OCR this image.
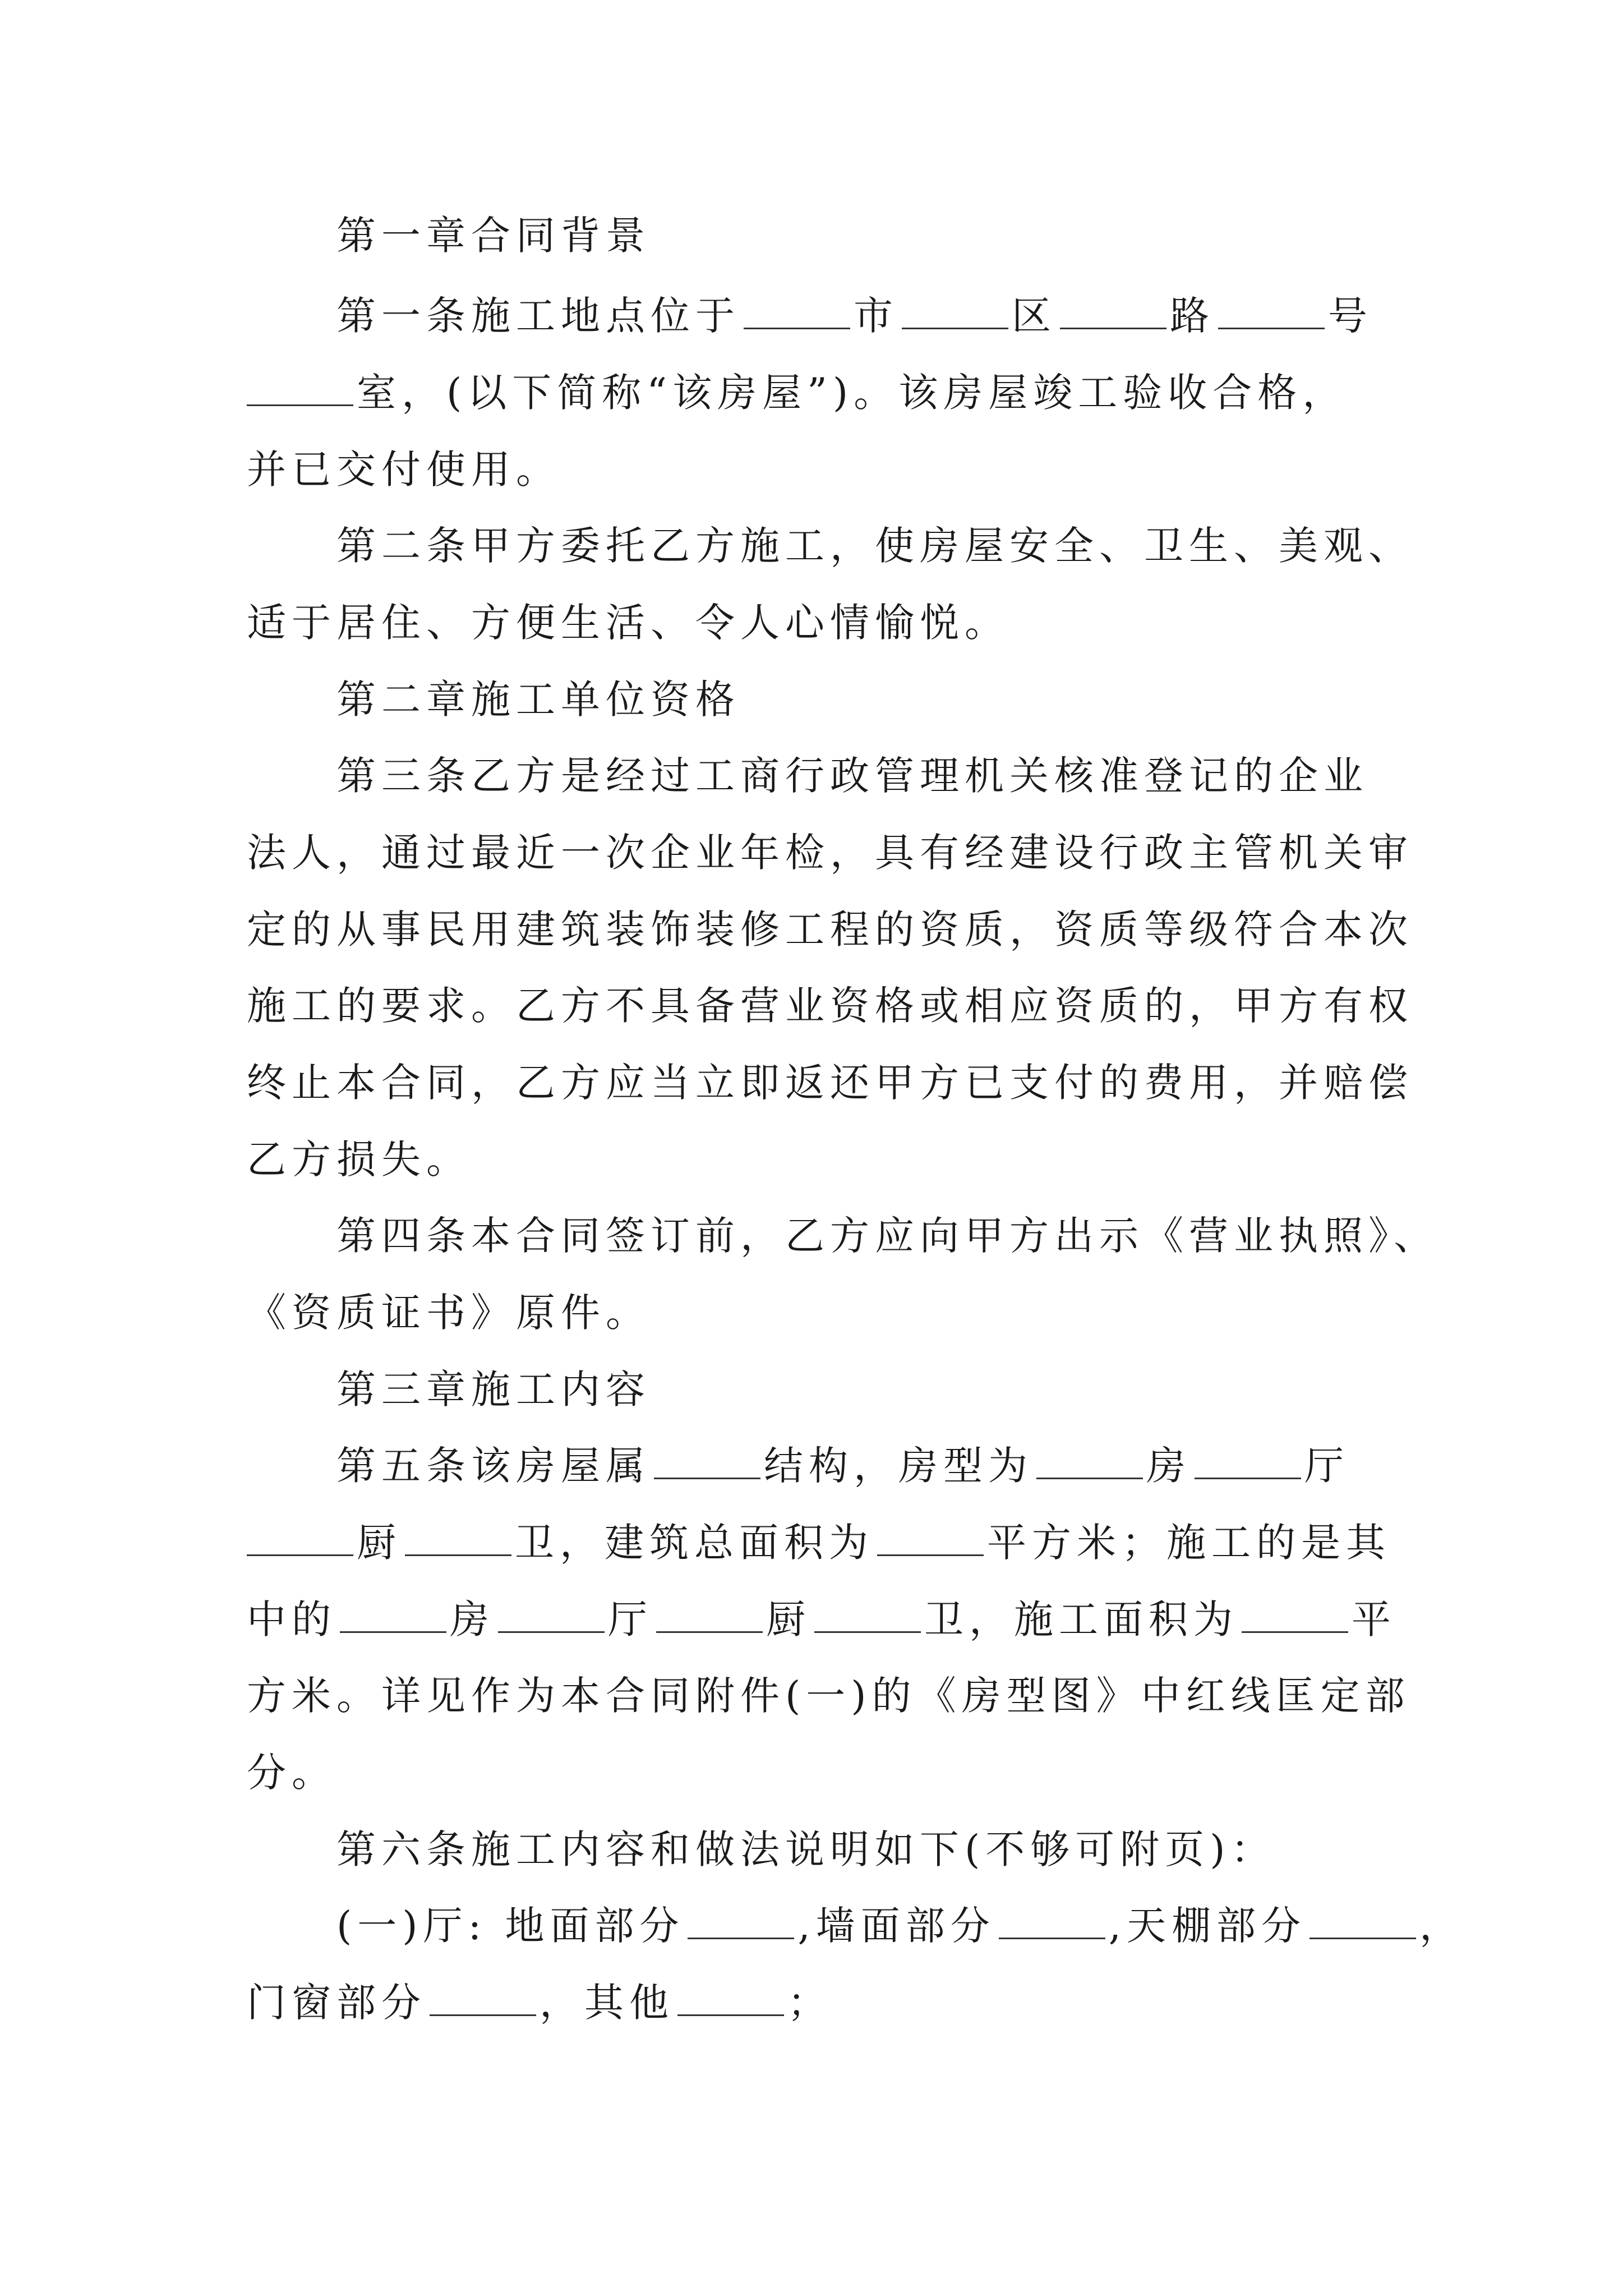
第一章合同背景
第一条施工地点位于	市	区	路	号
室，(以下简称“该房屋”)。该房屋竣工验收合格，
并已交付使用。
第二条甲方委托乙方施工，使房屋安全、卫生、美观、
适于居住、方便生活、令人心情愉悦。
第二章施工单位资格
第三条乙方是经过工商行政管理机关核准登记的企业
法人，通过最近一次企业年检，具有经建设行政主管机关审
定的从事民用建筑装饰装修工程的资质，资质等级符合本次
施工的要求。乙方不具备营业资格或相应资质的，甲方有权
终止本合同，乙方应当立即返还甲方已支付的费用，并赔偿
乙方损失。
第四条本合同签订前，乙方应向甲方出示《营业执照》、
《资质证书》原件。
第三章施工内容
第五条该房屋属	结构，房型为	房	厅
厨	卫，建筑总面积为	平方米；施工的是其
中的	房	厅	厨	卫，施工面积为	平
方米。详见作为本合同附件(一)的《房型图》中红线匡定部
分。
第六条施工内容和做法说明如下(不够可附页)：
(一)厅: 地面部分	,墙面部分	,天棚部分	，
门窗部分	，其他	；
